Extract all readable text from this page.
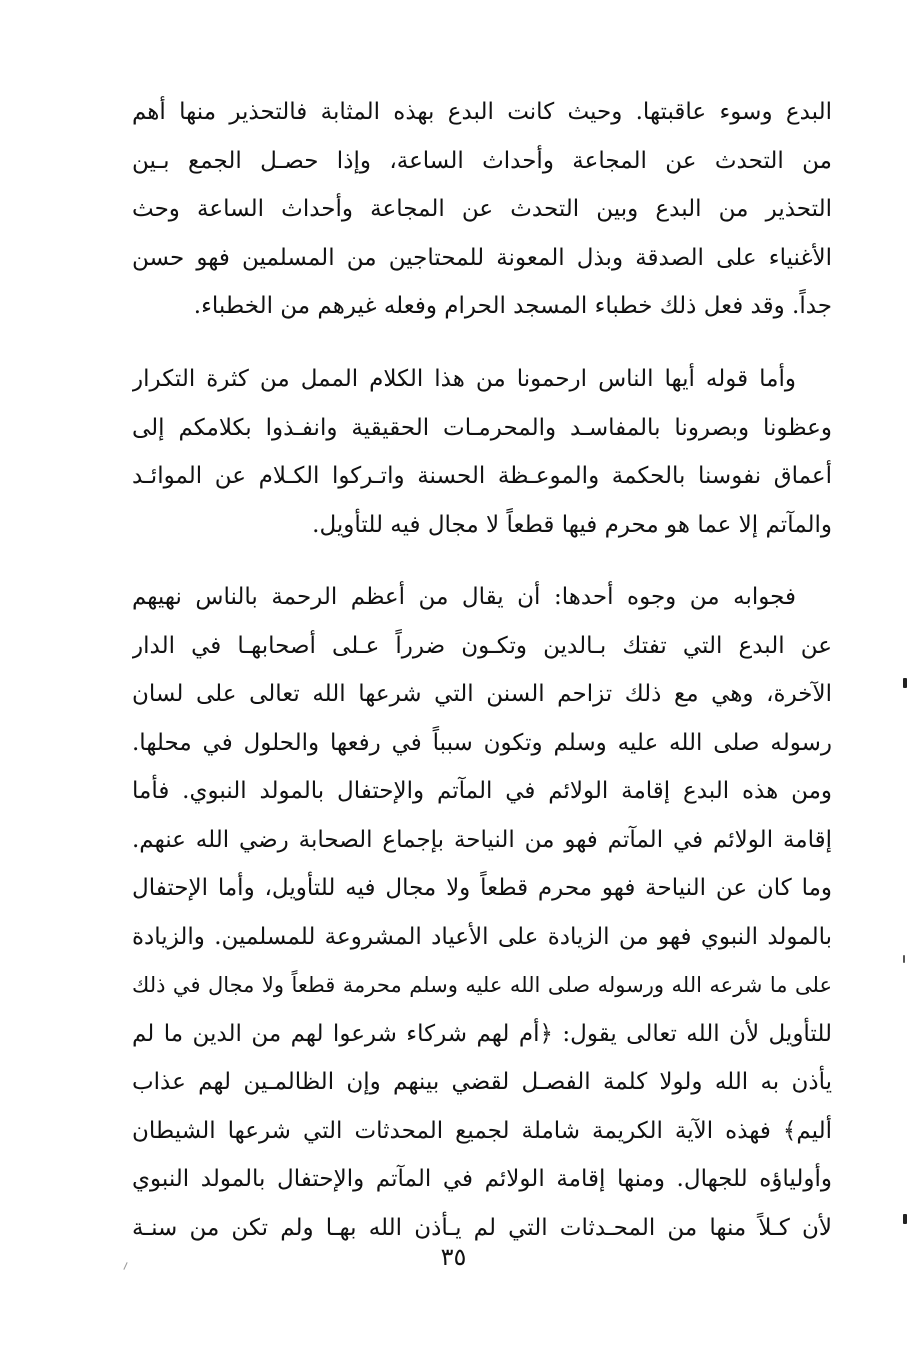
البدع وسوء عاقبتها. وحيث كانت البدع بهذه المثابة فالتحذير منها أهم
من التحدث عن المجاعة وأحداث الساعة، وإذا حصـل الجمع بـين
التحذير من البدع وبين التحدث عن المجاعة وأحداث الساعة وحث
الأغنياء على الصدقة وبذل المعونة للمحتاجين من المسلمين فهو حسن
جداً. وقد فعل ذلك خطباء المسجد الحرام وفعله غيرهم من الخطباء.
وأما قوله أيها الناس ارحمونا من هذا الكلام الممل من كثرة التكرار
وعظونا وبصرونا بالمفاسـد والمحرمـات الحقيقية وانفـذوا بكلامكم إلى
أعماق نفوسنا بالحكمة والموعـظة الحسنة واتـركوا الكـلام عن الموائـد
والمآتم إلا عما هو محرم فيها قطعاً لا مجال فيه للتأويل.
فجوابه من وجوه أحدها: أن يقال من أعظم الرحمة بالناس نهيهم
عن البدع التي تفتك بـالدين وتكـون ضرراً عـلى أصحابهـا في الدار
الآخرة، وهي مع ذلك تزاحم السنن التي شرعها الله تعالى على لسان
رسوله صلى الله عليه وسلم وتكون سبباً في رفعها والحلول في محلها.
ومن هذه البدع إقامة الولائم في المآتم والإحتفال بالمولد النبوي. فأما
إقامة الولائم في المآتم فهو من النياحة بإجماع الصحابة رضي الله عنهم.
وما كان عن النياحة فهو محرم قطعاً ولا مجال فيه للتأويل، وأما الإحتفال
بالمولد النبوي فهو من الزيادة على الأعياد المشروعة للمسلمين. والزيادة
على ما شرعه الله ورسوله صلى الله عليه وسلم محرمة قطعاً ولا مجال في ذلك
للتأويل لأن الله تعالى يقول: ﴿أم لهم شركاء شرعوا لهم من الدين ما لم
يأذن به الله ولولا كلمة الفصـل لقضي بينهم وإن الظالمـين لهم عذاب
أليم﴾ فهذه الآية الكريمة شاملة لجميع المحدثات التي شرعها الشيطان
وأولياؤه للجهال. ومنها إقامة الولائم في المآتم والإحتفال بالمولد النبوي
لأن كـلاً منها من المحـدثات التي لم يـأذن الله بهـا ولم تكن من سنـة
٣٥
